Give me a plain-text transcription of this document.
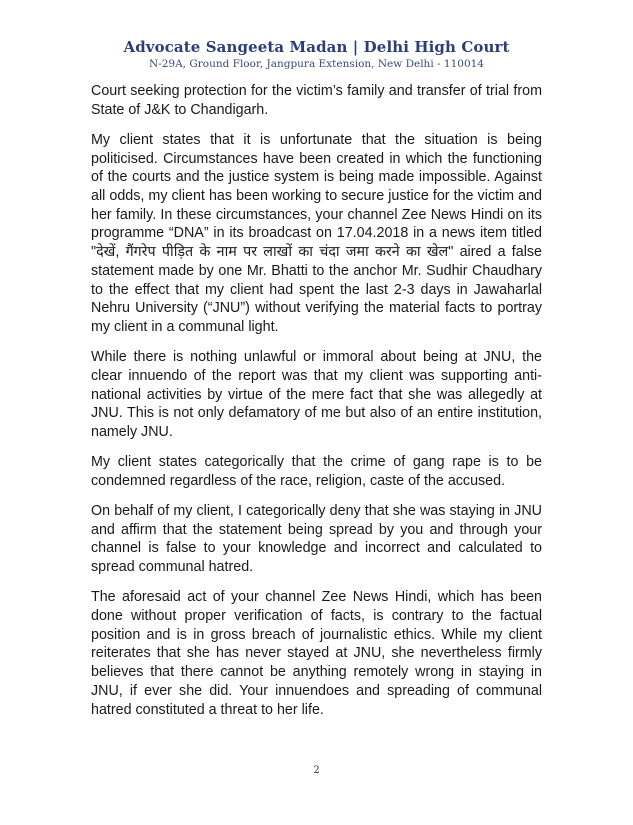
Advocate Sangeeta Madan | Delhi High Court
N-29A, Ground Floor, Jangpura Extension, New Delhi - 110014

Court seeking protection for the victim’s family and transfer of trial from State of J&K to Chandigarh.

My client states that it is unfortunate that the situation is being politicised. Circumstances have been created in which the functioning of the courts and the justice system is being made impossible. Against all odds, my client has been working to secure justice for the victim and her family. In these circumstances, your channel Zee News Hindi on its programme “DNA” in its broadcast on 17.04.2018 in a news item titled "देखें, गैंगरेप पीड़ित के नाम पर लाखों का चंदा जमा करने का खेल" aired a false statement made by one Mr. Bhatti to the anchor Mr. Sudhir Chaudhary to the effect that my client had spent the last 2-3 days in Jawaharlal Nehru University (“JNU”) without verifying the material facts to portray my client in a communal light.

While there is nothing unlawful or immoral about being at JNU, the clear innuendo of the report was that my client was supporting anti-national activities by virtue of the mere fact that she was allegedly at JNU. This is not only defamatory of me but also of an entire institution, namely JNU.

My client states categorically that the crime of gang rape is to be condemned regardless of the race, religion, caste of the accused.

On behalf of my client, I categorically deny that she was staying in JNU and affirm that the statement being spread by you and through your channel is false to your knowledge and incorrect and calculated to spread communal hatred.

The aforesaid act of your channel Zee News Hindi, which has been done without proper verification of facts, is contrary to the factual position and is in gross breach of journalistic ethics. While my client reiterates that she has never stayed at JNU, she nevertheless firmly believes that there cannot be anything remotely wrong in staying in JNU, if ever she did. Your innuendoes and spreading of communal hatred constituted a threat to her life.

2
